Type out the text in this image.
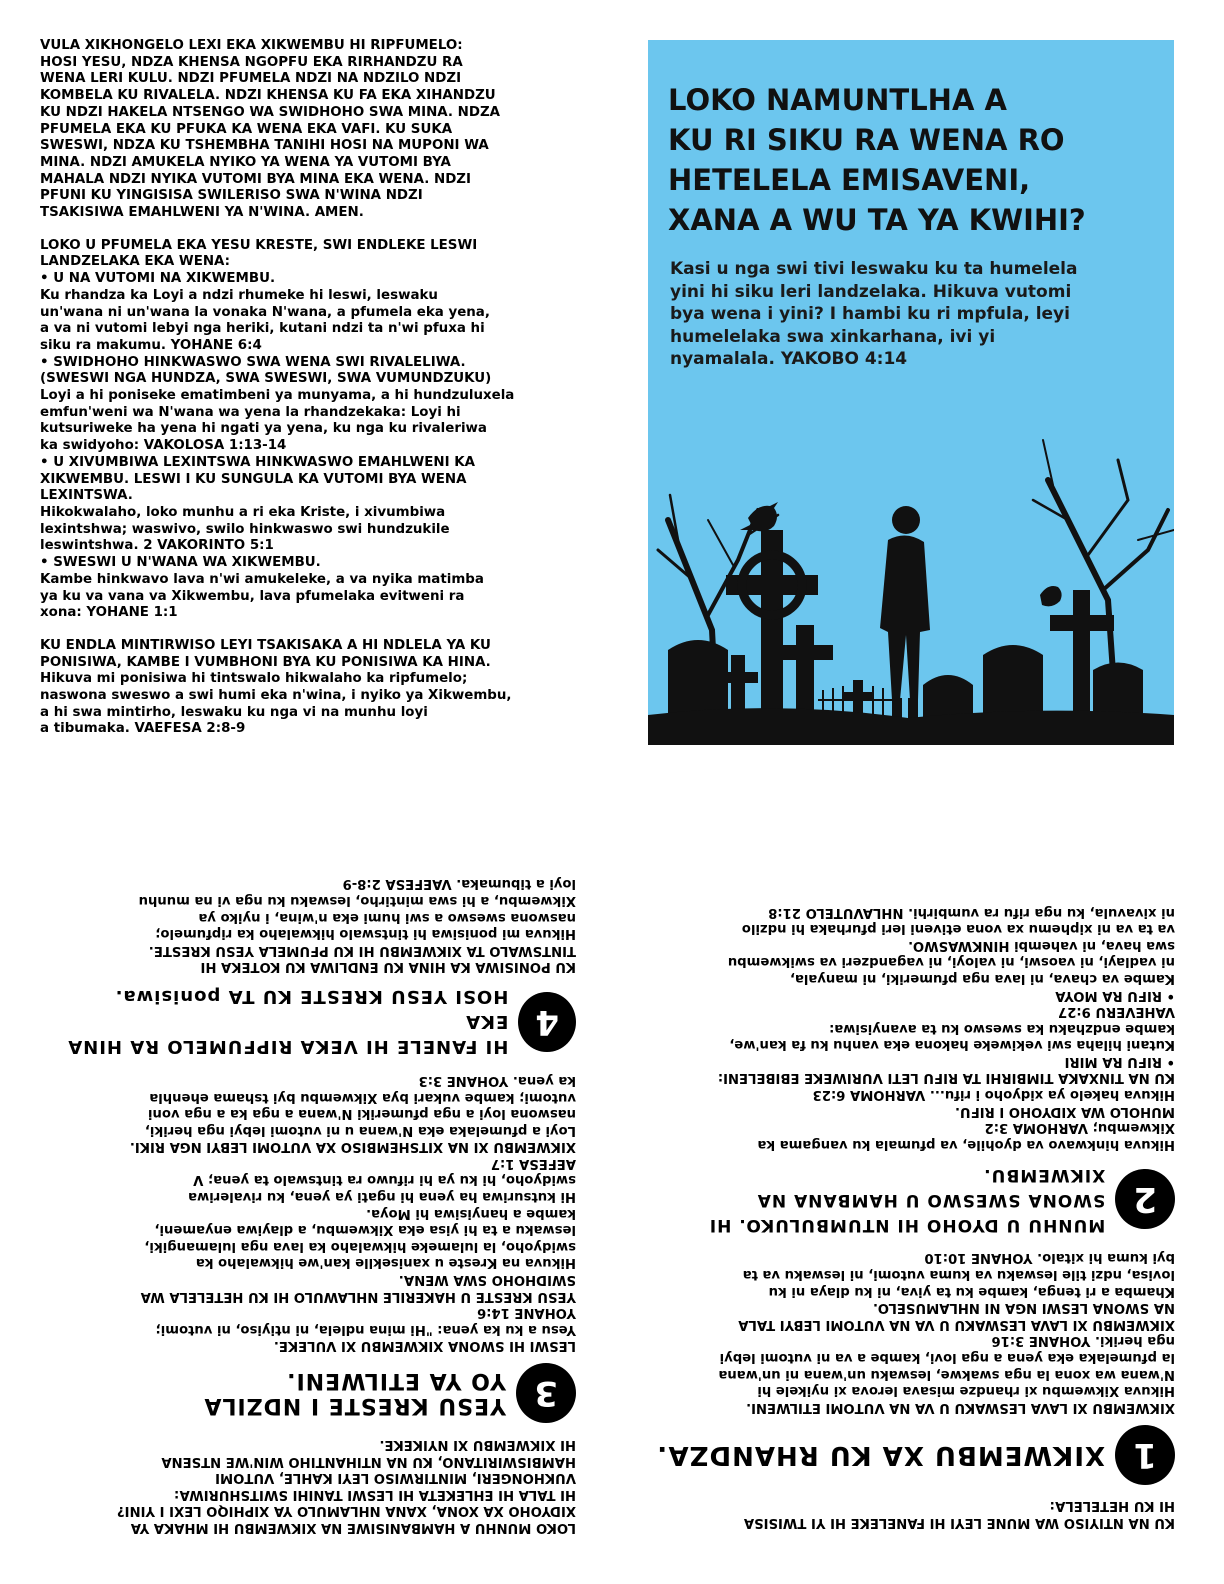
VULA XIKHONGELO LEXI EKA XIKWEMBU HI RIPFUMELO:
HOSI YESU, NDZA KHENSA NGOPFU EKA RIRHANDZU RA
WENA LERI KULU. NDZI PFUMELA NDZI NA NDZILO NDZI
KOMBELA KU RIVALELA. NDZI KHENSA KU FA EKA XIHANDZU
KU NDZI HAKELA NTSENGO WA SWIDHOHO SWA MINA. NDZA
PFUMELA EKA KU PFUKA KA WENA EKA VAFI. KU SUKA
SWESWI, NDZA KU TSHEMBHA TANIHI HOSI NA MUPONI WA
MINA. NDZI AMUKELA NYIKO YA WENA YA VUTOMI BYA
MAHALA NDZI NYIKA VUTOMI BYA MINA EKA WENA. NDZI
PFUNI KU YINGISISA SWILERISO SWA N'WINA NDZI
TSAKISIWA EMAHLWENI YA N'WINA. AMEN.
LOKO U PFUMELA EKA YESU KRESTE, SWI ENDLEKE LESWI
LANDZELAKA EKA WENA:
• U NA VUTOMI NA XIKWEMBU.
Ku rhandza ka Loyi a ndzi rhumeke hi leswi, leswaku
un'wana ni un'wana la vonaka N'wana, a pfumela eka yena,
a va ni vutomi lebyi nga heriki, kutani ndzi ta n'wi pfuxa hi
siku ra makumu. YOHANE 6:4
• SWIDHOHO HINKWASWO SWA WENA SWI RIVALELIWA.
(SWESWI NGA HUNDZA, SWA SWESWI, SWA VUMUNDZUKU)
Loyi a hi poniseke ematimbeni ya munyama, a hi hundzuluxela
emfun'weni wa N'wana wa yena la rhandzekaka: Loyi hi
kutsuriweke ha yena hi ngati ya yena, ku nga ku rivaleriwa
ka swidyoho: VAKOLOSA 1:13-14
• U XIVUMBIWA LEXINTSWA HINKWASWO EMAHLWENI KA
XIKWEMBU. LESWI I KU SUNGULA KA VUTOMI BYA WENA
LEXINTSWA.
Hikokwalaho, loko munhu a ri eka Kriste, i xivumbiwa
lexintshwa; waswivo, swilo hinkwaswo swi hundzukile
leswintshwa. 2 VAKORINTO 5:1
• SWESWI U N'WANA WA XIKWEMBU.
Kambe hinkwavo lava n'wi amukeleke, a va nyika matimba
ya ku va vana va Xikwembu, lava pfumelaka evitweni ra
xona: YOHANE 1:1
KU ENDLA MINTIRWISO LEYI TSAKISAKA A HI NDLELA YA KU
PONISIWA, KAMBE I VUMBHONI BYA KU PONISIWA KA HINA.
Hikuva mi ponisiwa hi tintswalo hikwalaho ka ripfumelo;
naswona sweswo a swi humi eka n'wina, i nyiko ya Xikwembu,
a hi swa mintirho, leswaku ku nga vi na munhu loyi
a tibumaka. VAEFESA 2:8-9
LOKO NAMUNTLHA A
KU RI SIKU RA WENA RO
HETELELA EMISAVENI,
XANA A WU TA YA KWIHI?
Kasi u nga swi tivi leswaku ku ta humelela
yini hi siku leri landzelaka. Hikuva vutomi
bya wena i yini? I hambi ku ri mpfula, leyi
humelelaka swa xinkarhana, ivi yi
nyamalala. YAKOBO 4:14
LOKO MUNHU A HAMBANISIWE NA XIKWEMBU HI MHAKA YA
XIDYOHO XA XONA, XANA NHLAMULO YA XIPHIQO LEXI I YINI?
HI TALA HI EHLEKETA HI LESWI TANIHI SWITSHURIWA:
VUKHONGERI, MINTIRWISO LEYI KAHLE, VUTOMI
HAMBISWIRITANO, KU NA NTIHANTIHO WIN'WE NTSENA
HI XIKWEMBU XI NYIKEKE.
3
YESU KRESTE I NDZILA
YO YA ETILWENI.
LESWI HI SWONA XIKWEMBU XI VULEKE.
Yesu a ku ka yena: "Hi mina ndlela, ni ntiyiso, ni vutomi;
YOHANE 14:6
YESU KRESTE U HAKERILE NHLAWULO HI KU HETELELA WA
SWIDHOHO SWA WENA.
Hikuva na Kreste u xaniseklle kan'we hikwalaho ka
swidyoho, la lulameke hikwalaho ka lava nga lulamangiki,
leswaku a ta hi yisa eka Xikwembu, a dlayiwa enyameni,
kambe a hanyisiwa hi Moya.
Hi kutsuriwa ha yena hi ngati ya yena, ku rivaleriwa
swidyoho, hi ku ya hi rifuwo ra tintswalo ta yena; V
AEFESA 1:7
XIKWEMBU XI NA XITSHEMBISO XA VUTOMI LEBYI NGA RIKI.
Loyi a pfumelaka eka N'wana u ni vutomi lebyi nga heriki,
naswona loyi a nga pfumeriki N'wana a nga ka a nga voni
vutomi; kambe vukari bya Xikwembu byi tshama ehenhla
ka yena. YOHANE 3:3
4
HI FANELE HI VEKA RIPFUMELO RA HINA EKA
HOSI YESU KRESTE KU TA ponisiwa.
KU PONISIWA KA HINA KU ENDLIWA KU KOTEKA HI
TINTSWALO TA XIKWEMBU HI KU PFUMELA YESU KRESTE.
Hikuva mi ponisiwa hi tintswalo hikwalaho ka ripfumelo;
naswona sweswo a swi humi eka n'wina, i nyiko ya
Xikwembu, a hi swa mintirho, leswaku ku nga vi na munhu
loyi a tibumaka. VAEFESA 2:8-9
KU NA NTIYISO WA MUNE LEYI HI FANELEKE HI YI TWISISA
HI KU HETELELA:
1
XIKWEMBU XA KU RHANDZA.
XIKWEMBU XI LAVA LESWAKU U VA NA VUTOMI ETILWENI.
Hikuva Xikwembu xi rhandze misava lerova xi nyikele hi
N'wana wa xona la nga swakwe, leswaku un'wana ni un'wana
la pfumelaka eka yena a nga lovi, kambe a va ni vutomi lebyi
nga heriki. YOHANE 3:16
XIKWEMBU XI LAVA LESWAKU U VA NA VUTOMI LEBYI TALA
NA SWONA LESWI NGA NI NHLAMUSELO.
Khamba a ri tenga, kambe ku ta yiva, ni ku dlaya ni ku
lovisa, ndzi tile leswaku va kuma vutomi, ni leswaku va ta
byi kuma hi xitalo. YOHANE 10:10
2
MUNHU U DYOHO HI NTUMBULUKO. HI
SWONA SWESWO U HAMBANA NA XIKWEMBU.
Hikuva hinkwavo va dyohile, va pfumala ku vangama ka
Xikwembu; VARHOMA 3:2
MUHOLO WA XIDYOHO I RIFU.
Hikuva hakelo ya xidyoho i rifu... VARHOMA 6:23
KU NA TINXAKA TIMBIRHI TA RIFU LETI VURIWEKE EBIBELENI:
• RIFU RA MIRI
Kutani hilaha swi vekiweke hakona eka vanhu ku fa kan'we,
kambe endzhaku ka sweswo ku ta avanyisiwa:
VAHEVERU 9:27
• RIFU RA MOYA
Kambe va chava, ni lava nga pfumeriki, ni manyala,
ni vadlayi, ni vaoswi, ni valoyi, ni vagandzeri va swikwembu
swa hava, ni vahembi HINKWASWO.
va ta va ni xiphemu xa vona etiveni leri pfurhaka hi ndzilo
ni xivavula, ku nga rifu ra vumbirhi. NHLAVUTELO 21:8
